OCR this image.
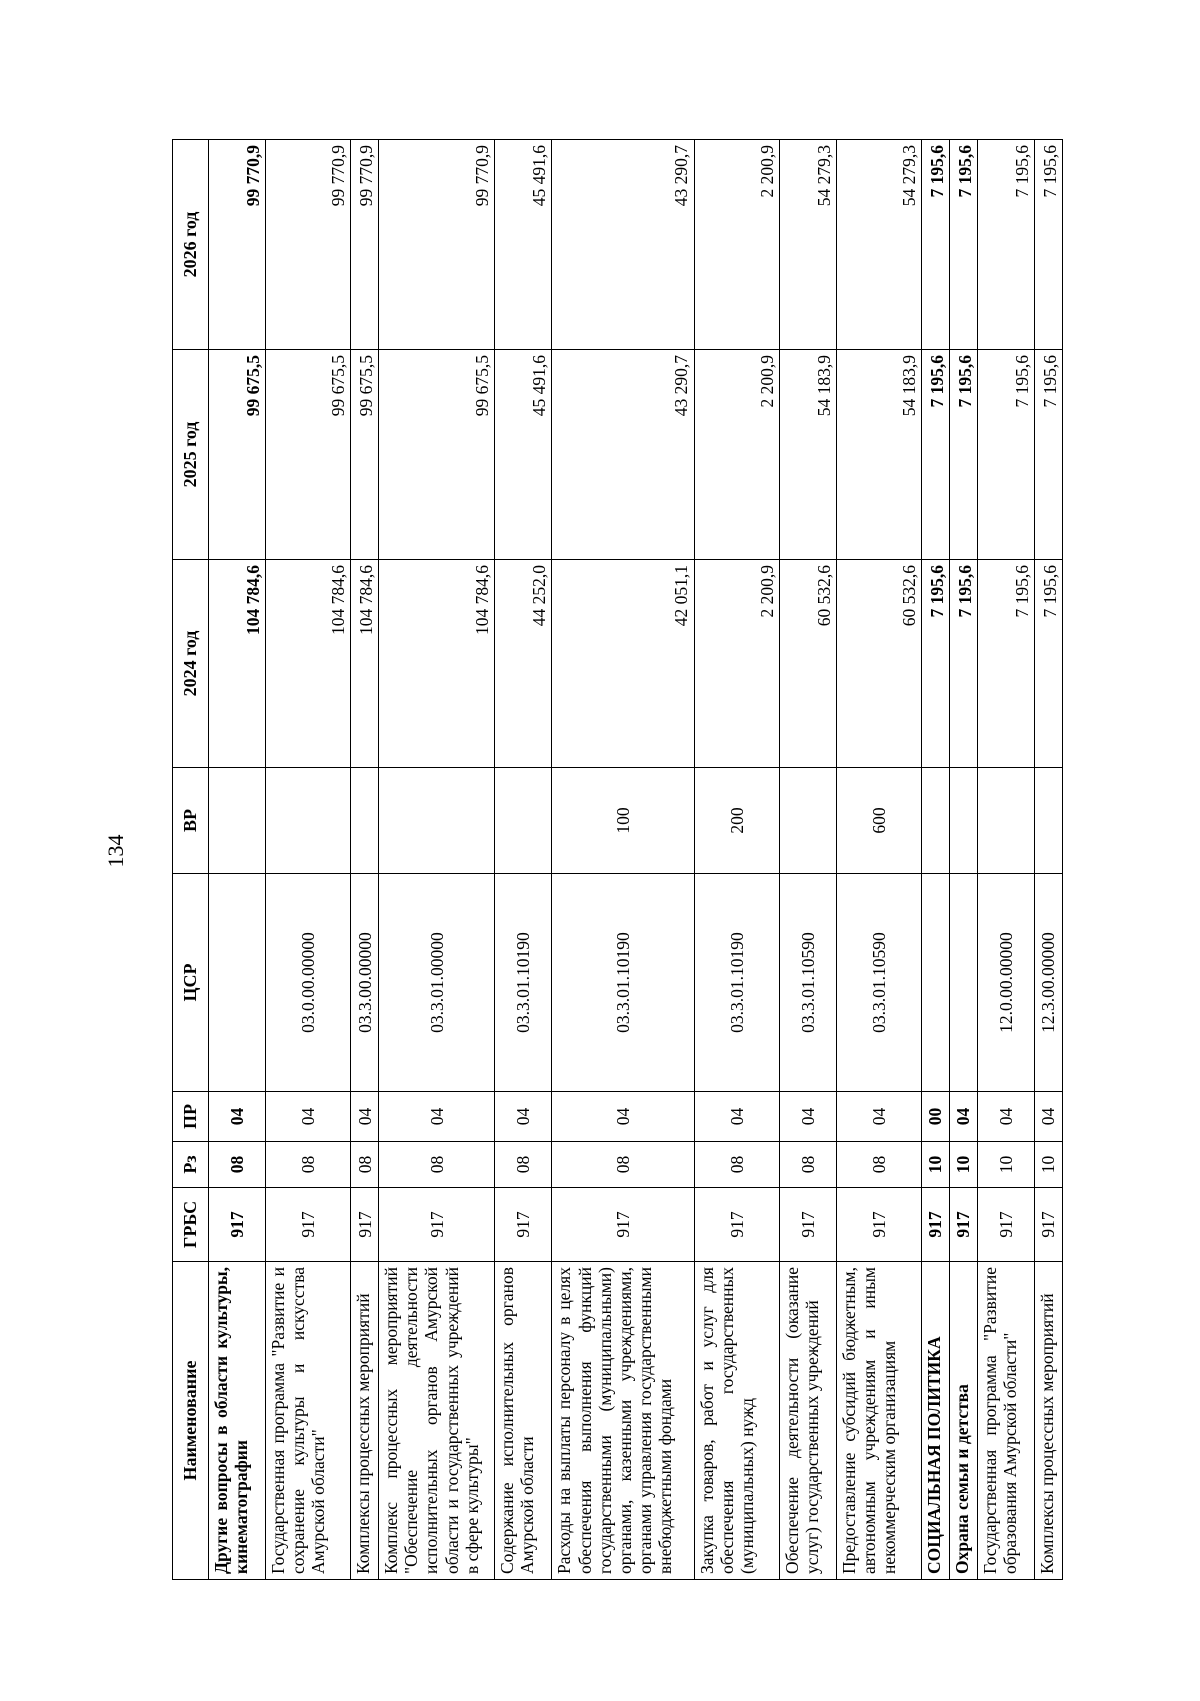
134
Наименование	ГРБС	Рз	ПР	ЦСР	ВР	2024 год	2025 год	2026 год
Другие вопросы в области культуры, кинематографии	917	08	04			104 784,6	99 675,5	99 770,9
Государственная программа "Развитие и сохранение культуры и искусства Амурской области"	917	08	04	03.0.00.00000		104 784,6	99 675,5	99 770,9
Комплексы процессных мероприятий	917	08	04	03.3.00.00000		104 784,6	99 675,5	99 770,9
Комплекс процессных мероприятий "Обеспечение деятельности исполнительных органов Амурской области и государственных учреждений в сфере культуры"	917	08	04	03.3.01.00000		104 784,6	99 675,5	99 770,9
Содержание исполнительных органов Амурской области	917	08	04	03.3.01.10190		44 252,0	45 491,6	45 491,6
Расходы на выплаты персоналу в целях обеспечения выполнения функций государственными (муниципальными) органами, казенными учреждениями, органами управления государственными внебюджетными фондами	917	08	04	03.3.01.10190	100	42 051,1	43 290,7	43 290,7
Закупка товаров, работ и услуг для обеспечения государственных (муниципальных) нужд	917	08	04	03.3.01.10190	200	2 200,9	2 200,9	2 200,9
Обеспечение деятельности (оказание услуг) государственных учреждений	917	08	04	03.3.01.10590		60 532,6	54 183,9	54 279,3
Предоставление субсидий бюджетным, автономным учреждениям и иным некоммерческим организациям	917	08	04	03.3.01.10590	600	60 532,6	54 183,9	54 279,3
СОЦИАЛЬНАЯ ПОЛИТИКА	917	10	00			7 195,6	7 195,6	7 195,6
Охрана семьи и детства	917	10	04			7 195,6	7 195,6	7 195,6
Государственная программа "Развитие образования Амурской области"	917	10	04	12.0.00.00000		7 195,6	7 195,6	7 195,6
Комплексы процессных мероприятий	917	10	04	12.3.00.00000		7 195,6	7 195,6	7 195,6
